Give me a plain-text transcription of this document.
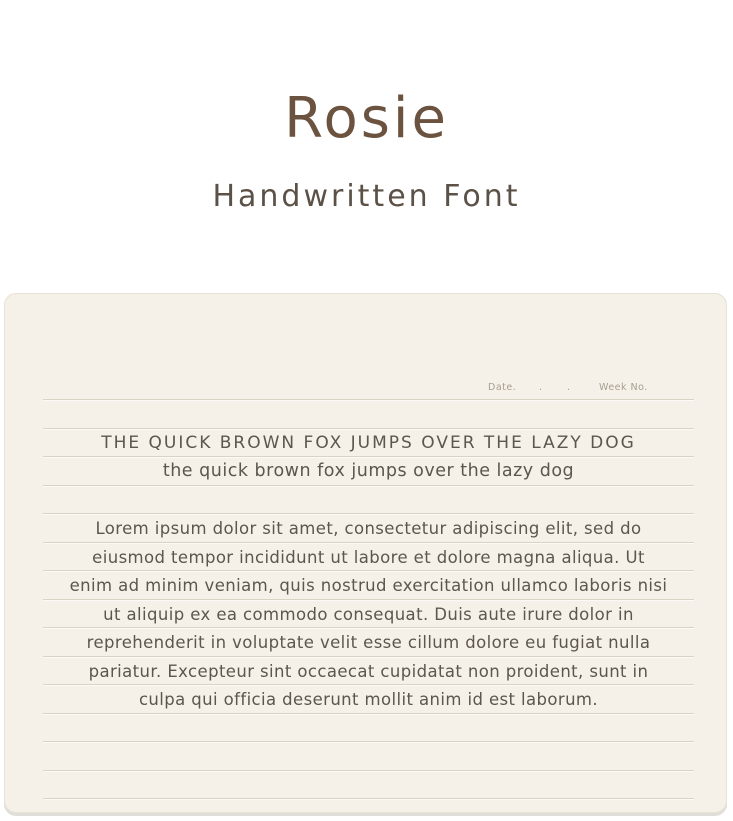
Rosie
Handwritten Font
Date. .	.	Week No.
THE QUICK BROWN FOX JUMPS OVER THE LAZY DOG
the quick brown fox jumps over the lazy dog
Lorem ipsum dolor sit amet, consectetur adipiscing elit, sed do
eiusmod tempor incididunt ut labore et dolore magna aliqua. Ut
enim ad minim veniam, quis nostrud exercitation ullamco laboris nisi
ut aliquip ex ea commodo consequat. Duis aute irure dolor in
reprehenderit in voluptate velit esse cillum dolore eu fugiat nulla
pariatur. Excepteur sint occaecat cupidatat non proident, sunt in
culpa qui officia deserunt mollit anim id est laborum.
